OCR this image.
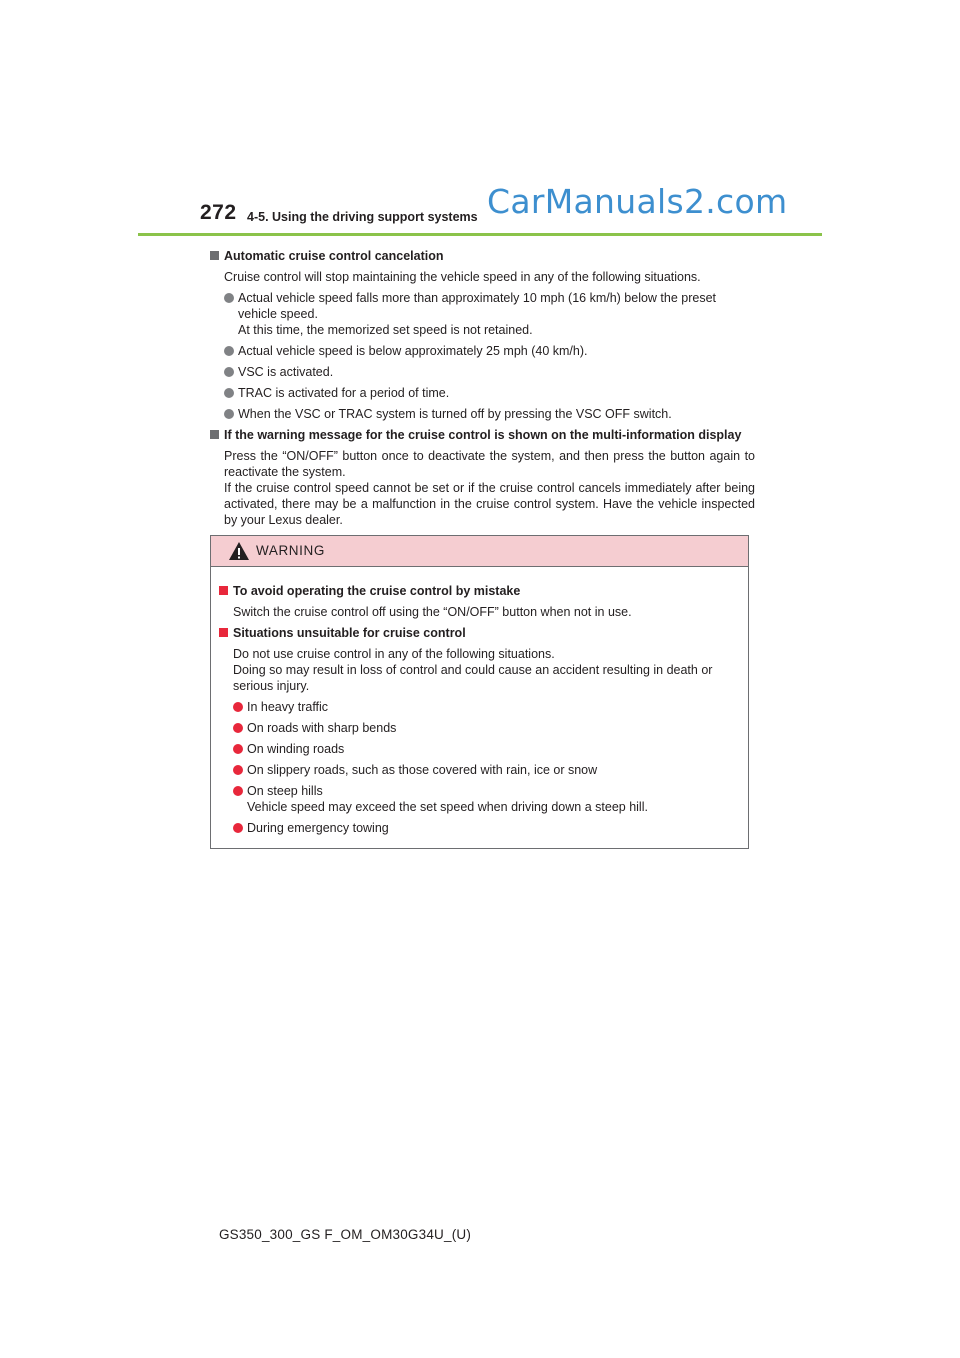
272 4-5. Using the driving support systems CarManuals2.com
Automatic cruise control cancelation

Cruise control will stop maintaining the vehicle speed in any of the following situations.

Actual vehicle speed falls more than approximately 10 mph (16 km/h) below the preset vehicle speed.

At this time, the memorized set speed is not retained.

Actual vehicle speed is below approximately 25 mph (40 km/h).

VSC is activated.

TRAC is activated for a period of time.

When the VSC or TRAC system is turned off by pressing the VSC OFF switch.

If the warning message for the cruise control is shown on the multi-information display

Press the “ON/OFF” button once to deactivate the system, and then press the button again to reactivate the system.

If the cruise control speed cannot be set or if the cruise control cancels immediately after being activated, there may be a malfunction in the cruise control system. Have the vehicle inspected by your Lexus dealer.

WARNING
To avoid operating the cruise control by mistake

Switch the cruise control off using the “ON/OFF” button when not in use.

Situations unsuitable for cruise control

Do not use cruise control in any of the following situations.

Doing so may result in loss of control and could cause an accident resulting in death or serious injury.

In heavy traffic

On roads with sharp bends

On winding roads

On slippery roads, such as those covered with rain, ice or snow

On steep hills

Vehicle speed may exceed the set speed when driving down a steep hill.

During emergency towing

GS350_300_GS F_OM_OM30G34U_(U)
